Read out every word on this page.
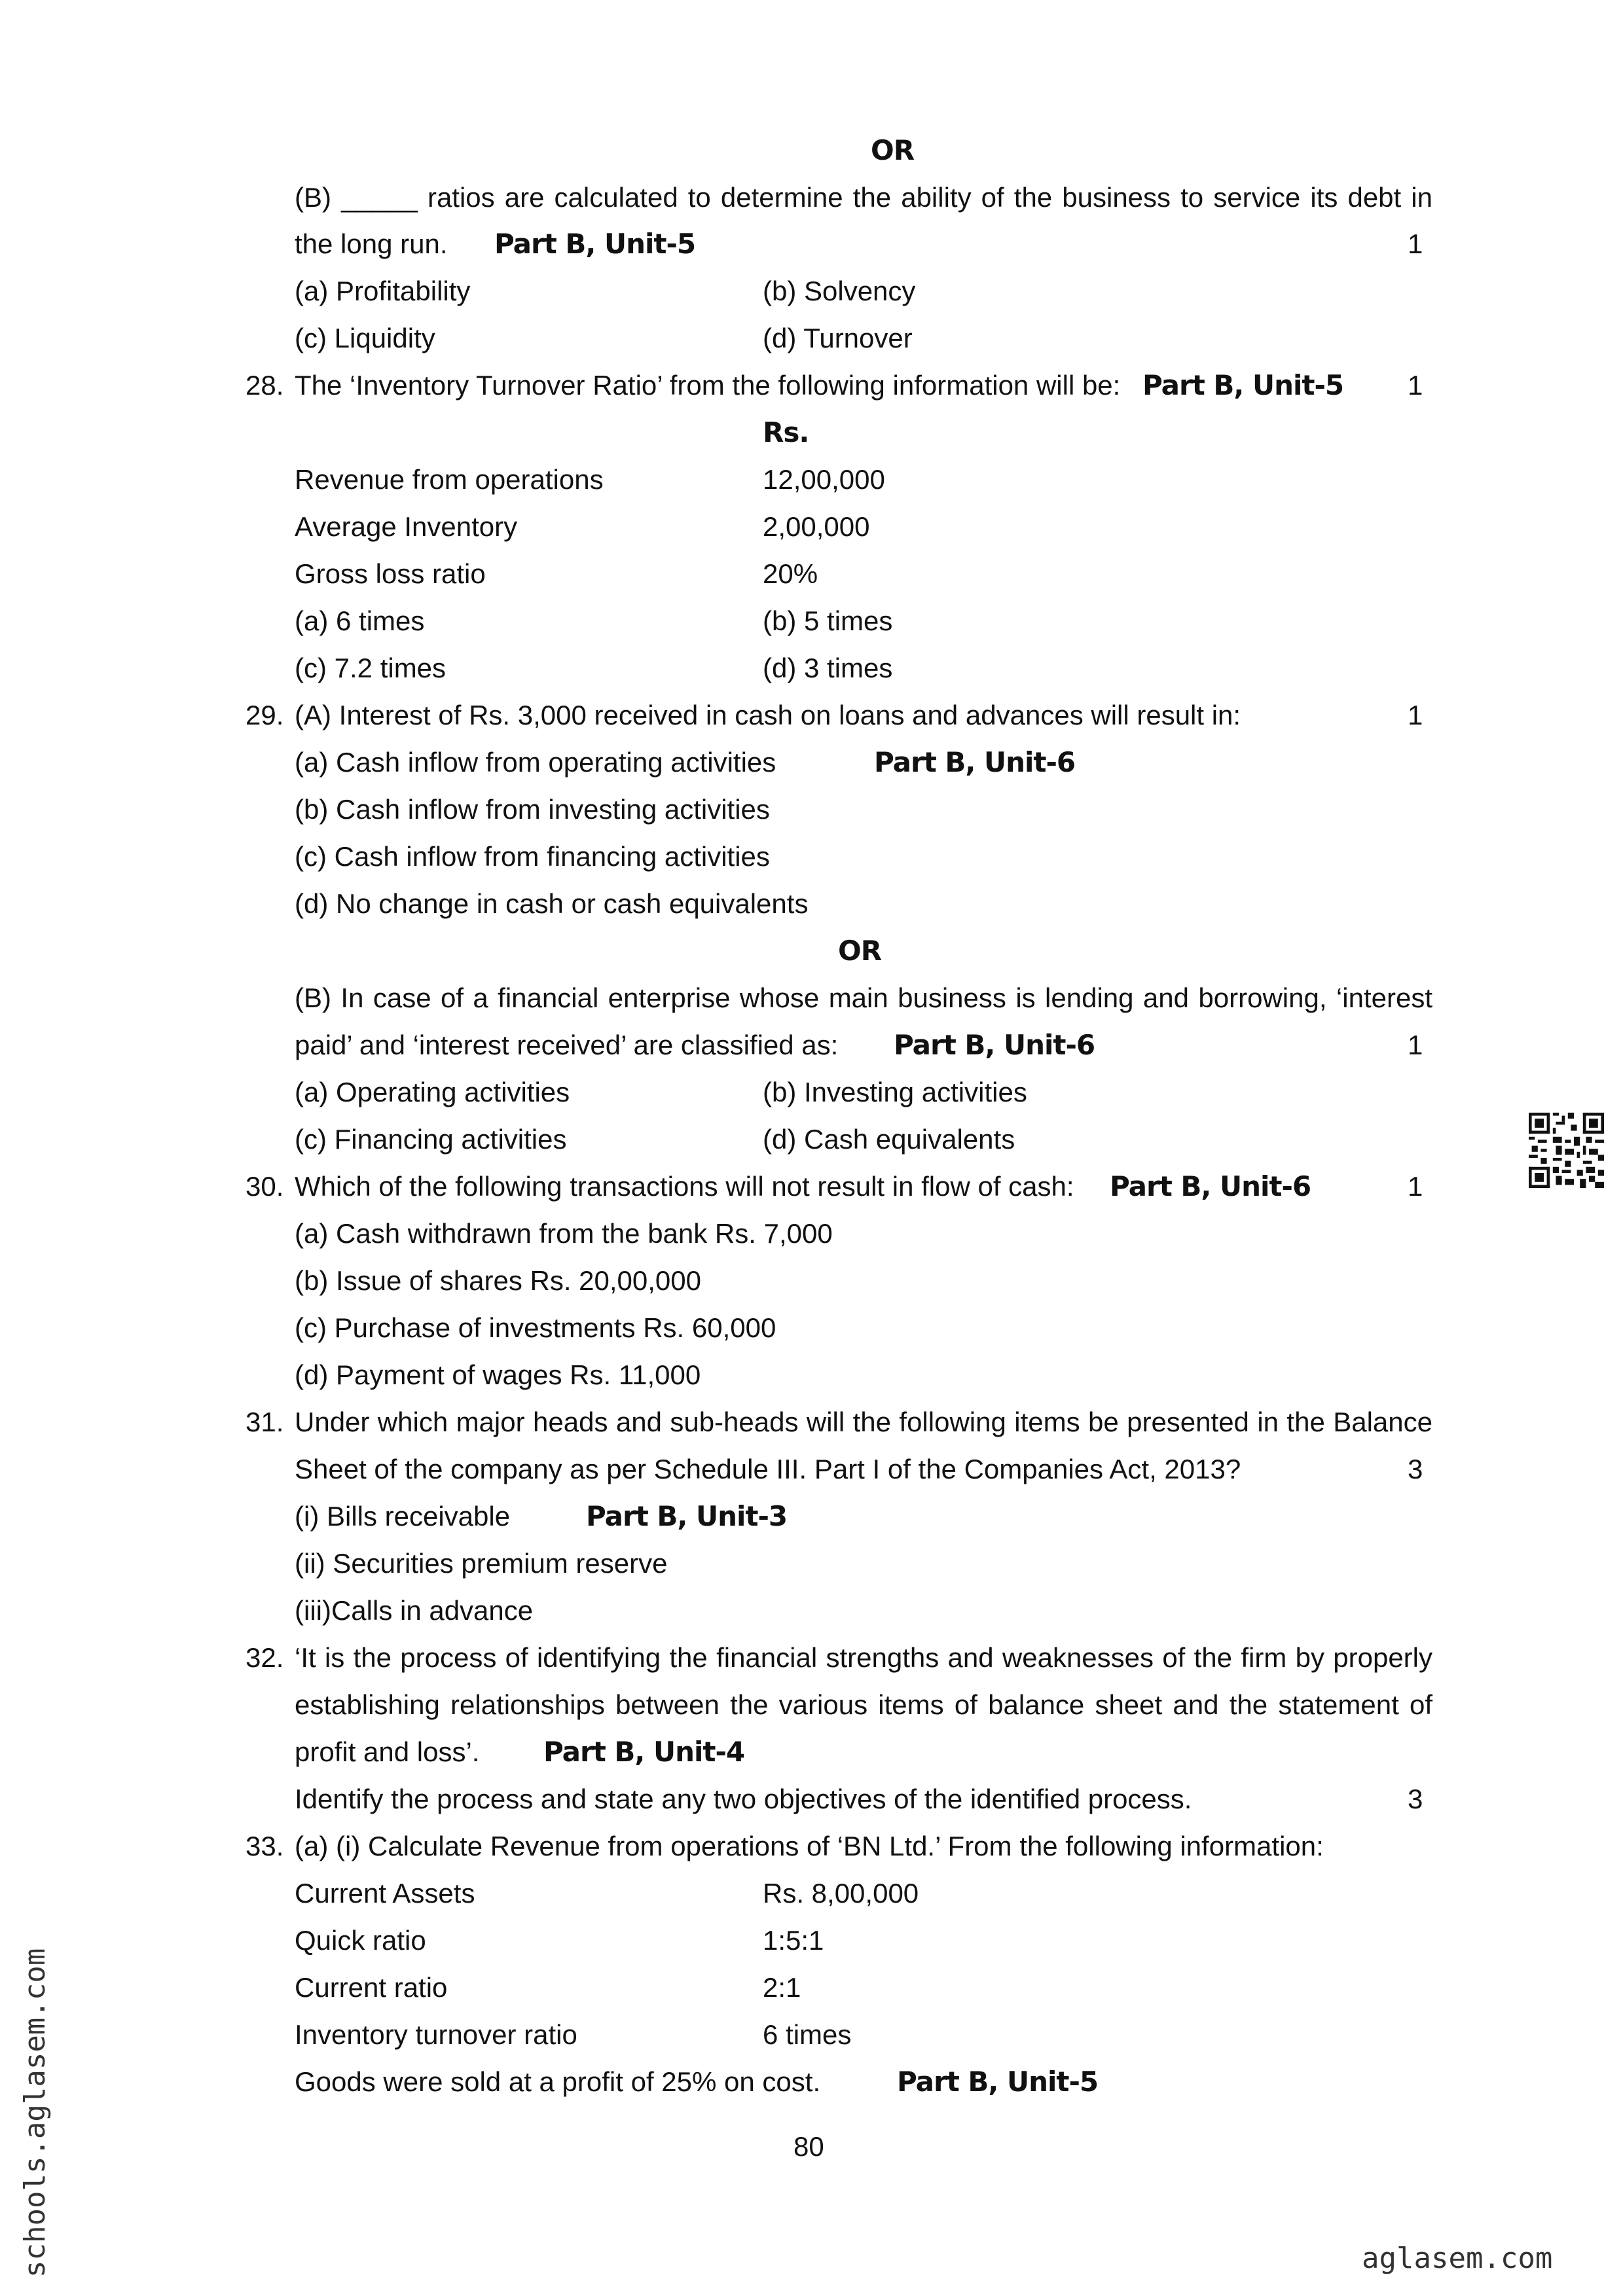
OR
(B) _____ ratios are calculated to determine the ability of the business to service its debt in
the long run. Part B, Unit-5	1
(a) Profitability	(b) Solvency
(c) Liquidity	(d) Turnover
28. The ‘Inventory Turnover Ratio’ from the following information will be: Part B, Unit-5 1
Rs.
Revenue from operations	12,00,000
Average Inventory	2,00,000
Gross loss ratio	20%
(a) 6 times	(b) 5 times
(c) 7.2 times	(d) 3 times
29. (A) Interest of Rs. 3,000 received in cash on loans and advances will result in:	1
(a) Cash inflow from operating activities	Part B, Unit-6
(b) Cash inflow from investing activities
(c) Cash inflow from financing activities
(d) No change in cash or cash equivalents
OR
(B) In case of a financial enterprise whose main business is lending and borrowing, ‘interest
paid’ and ‘interest received’ are classified as: Part B, Unit-6	1
(a) Operating activities	(b) Investing activities
(c) Financing activities	(d) Cash equivalents
30. Which of the following transactions will not result in flow of cash: Part B, Unit-6	1
(a) Cash withdrawn from the bank Rs. 7,000
(b) Issue of shares Rs. 20,00,000
(c) Purchase of investments Rs. 60,000
(d) Payment of wages Rs. 11,000
31. Under which major heads and sub-heads will the following items be presented in the Balance
Sheet of the company as per Schedule III. Part I of the Companies Act, 2013?	3
(i) Bills receivable	Part B, Unit-3
(ii) Securities premium reserve
(iii)Calls in advance
32. ‘It is the process of identifying the financial strengths and weaknesses of the firm by properly
establishing relationships between the various items of balance sheet and the statement of
profit and loss’. Part B, Unit-4
Identify the process and state any two objectives of the identified process.	3
33. (a) (i) Calculate Revenue from operations of ‘BN Ltd.’ From the following information:
Current Assets	Rs. 8,00,000
Quick ratio	1:5:1
Current ratio	2:1
Inventory turnover ratio	6 times
Goods were sold at a profit of 25% on cost.	Part B, Unit-5
80
schools.aglasem.com	aglasem.com
